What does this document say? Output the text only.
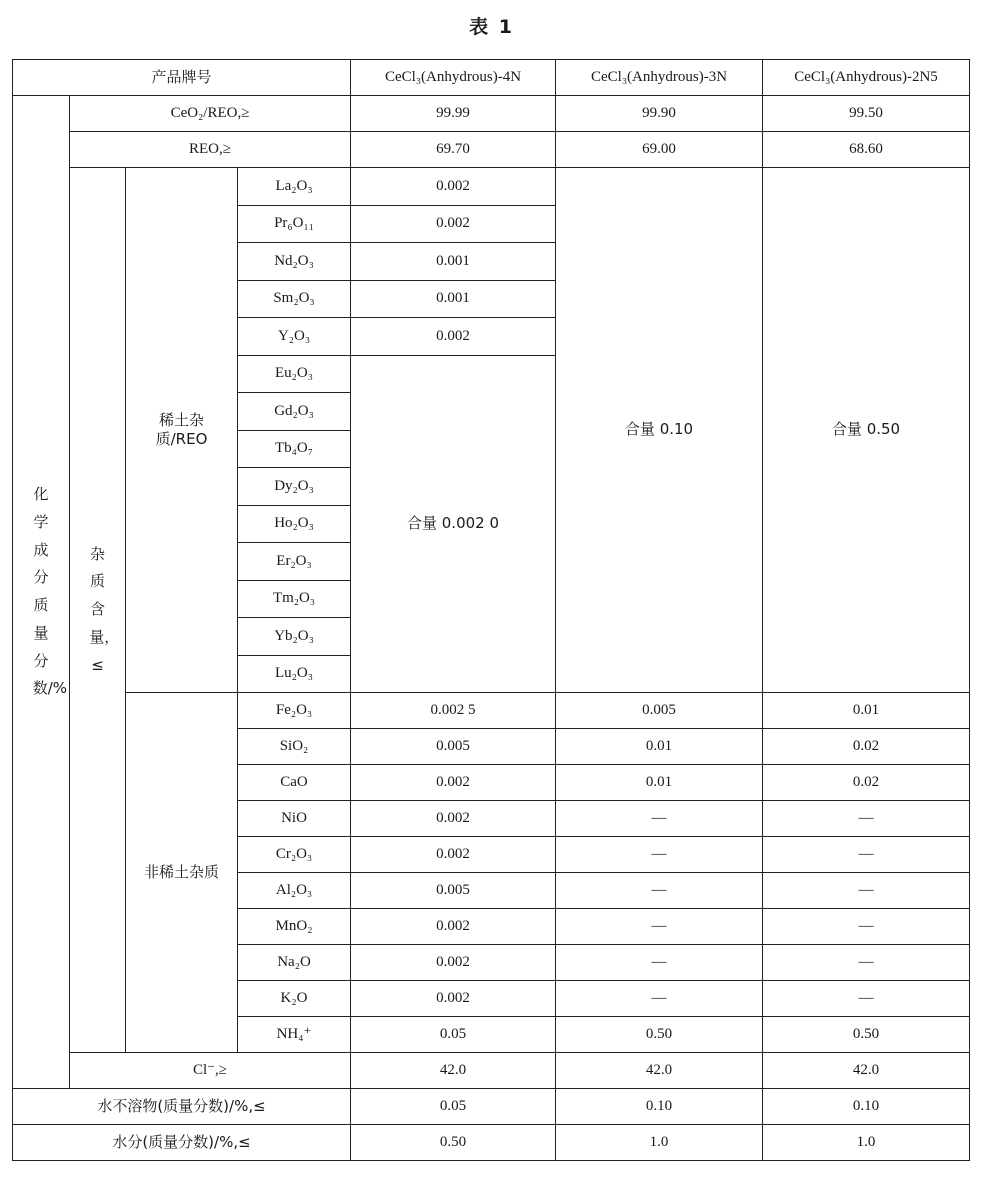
表 1
产品牌号				CeCl₃(Anhydrous)-4N	CeCl₃(Anhydrous)-3N	CeCl₃(Anhydrous)-2N5

化学成分质量分数/%	CeO₂/REO,≥			99.99	99.90	99.50
	REO,≥			69.70	69.00	68.60

	杂质含量，≤	稀土杂质/REO	La₂O₃	0.002	合量 0.10	合量 0.50
			Pr₆O₁₁	0.002		
			Nd₂O₃	0.001		
			Sm₂O₃	0.001		
			Y₂O₃	0.002		
			Eu₂O₃	合量 0.002 0		
			Gd₂O₃			
			Tb₄O₇			
			Dy₂O₃			
			Ho₂O₃			
			Er₂O₃			
			Tm₂O₃			
			Yb₂O₃			
			Lu₂O₃			
		非稀土杂质	Fe₂O₃	0.002 5	0.005	0.01
			SiO₂	0.005	0.01	0.02
			CaO	0.002	0.01	0.02
			NiO	0.002	—	—
			Cr₂O₃	0.002	—	—
			Al₂O₃	0.005	—	—
			MnO₂	0.002	—	—
			Na₂O	0.002	—	—
			K₂O	0.002	—	—
			NH₄⁺	0.05	0.50	0.50
	Cl⁻,≥			42.0	42.0	42.0
水不溶物(质量分数)/%,≤				0.05	0.10	0.10
水分(质量分数)/%,≤				0.50	1.0	1.0
